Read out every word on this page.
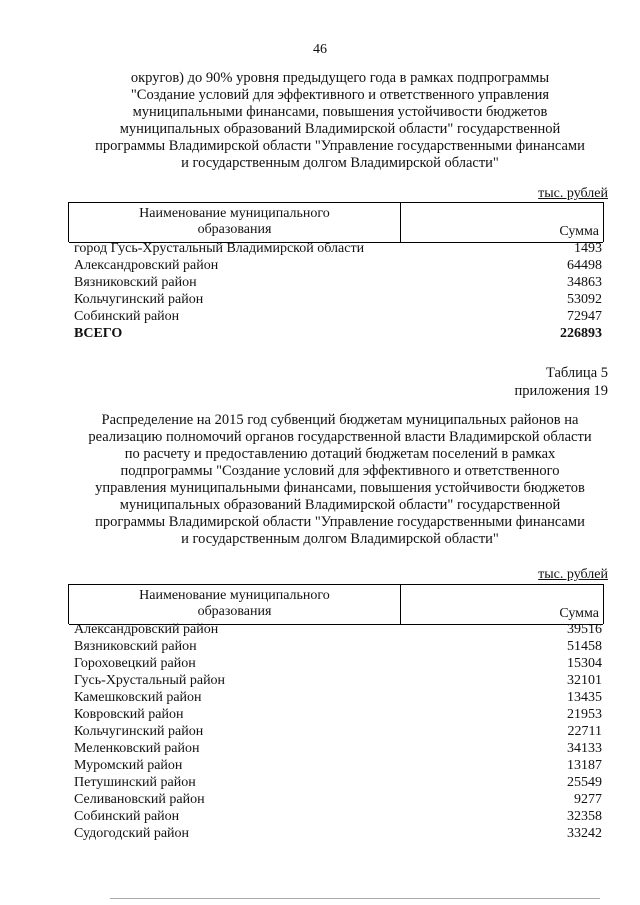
46
округов) до 90% уровня предыдущего года в рамках подпрограммы
"Создание условий для эффективного и ответственного управления
муниципальными финансами, повышения устойчивости бюджетов
муниципальных образований Владимирской области" государственной
программы Владимирской области "Управление государственными финансами
и государственным долгом Владимирской области"
тыс. рублей
Наименование муниципального
образования	Сумма
город Гусь-Хрустальный Владимирской области	1493
Александровский район	64498
Вязниковский район	34863
Кольчугинский район	53092
Собинский район	72947
ВСЕГО	226893
Таблица 5
приложения 19
Распределение на 2015 год субвенций бюджетам муниципальных районов на
реализацию полномочий органов государственной власти Владимирской области
по расчету и предоставлению дотаций бюджетам поселений в рамках
подпрограммы "Создание условий для эффективного и ответственного
управления муниципальными финансами, повышения устойчивости бюджетов
муниципальных образований Владимирской области" государственной
программы Владимирской области "Управление государственными финансами
и государственным долгом Владимирской области"
тыс. рублей
Наименование муниципального
образования	Сумма
Александровский район	39516
Вязниковский район	51458
Гороховецкий район	15304
Гусь-Хрустальный район	32101
Камешковский район	13435
Ковровский район	21953
Кольчугинский район	22711
Меленковский район	34133
Муромский район	13187
Петушинский район	25549
Селивановский район	9277
Собинский район	32358
Судогодский район	33242
